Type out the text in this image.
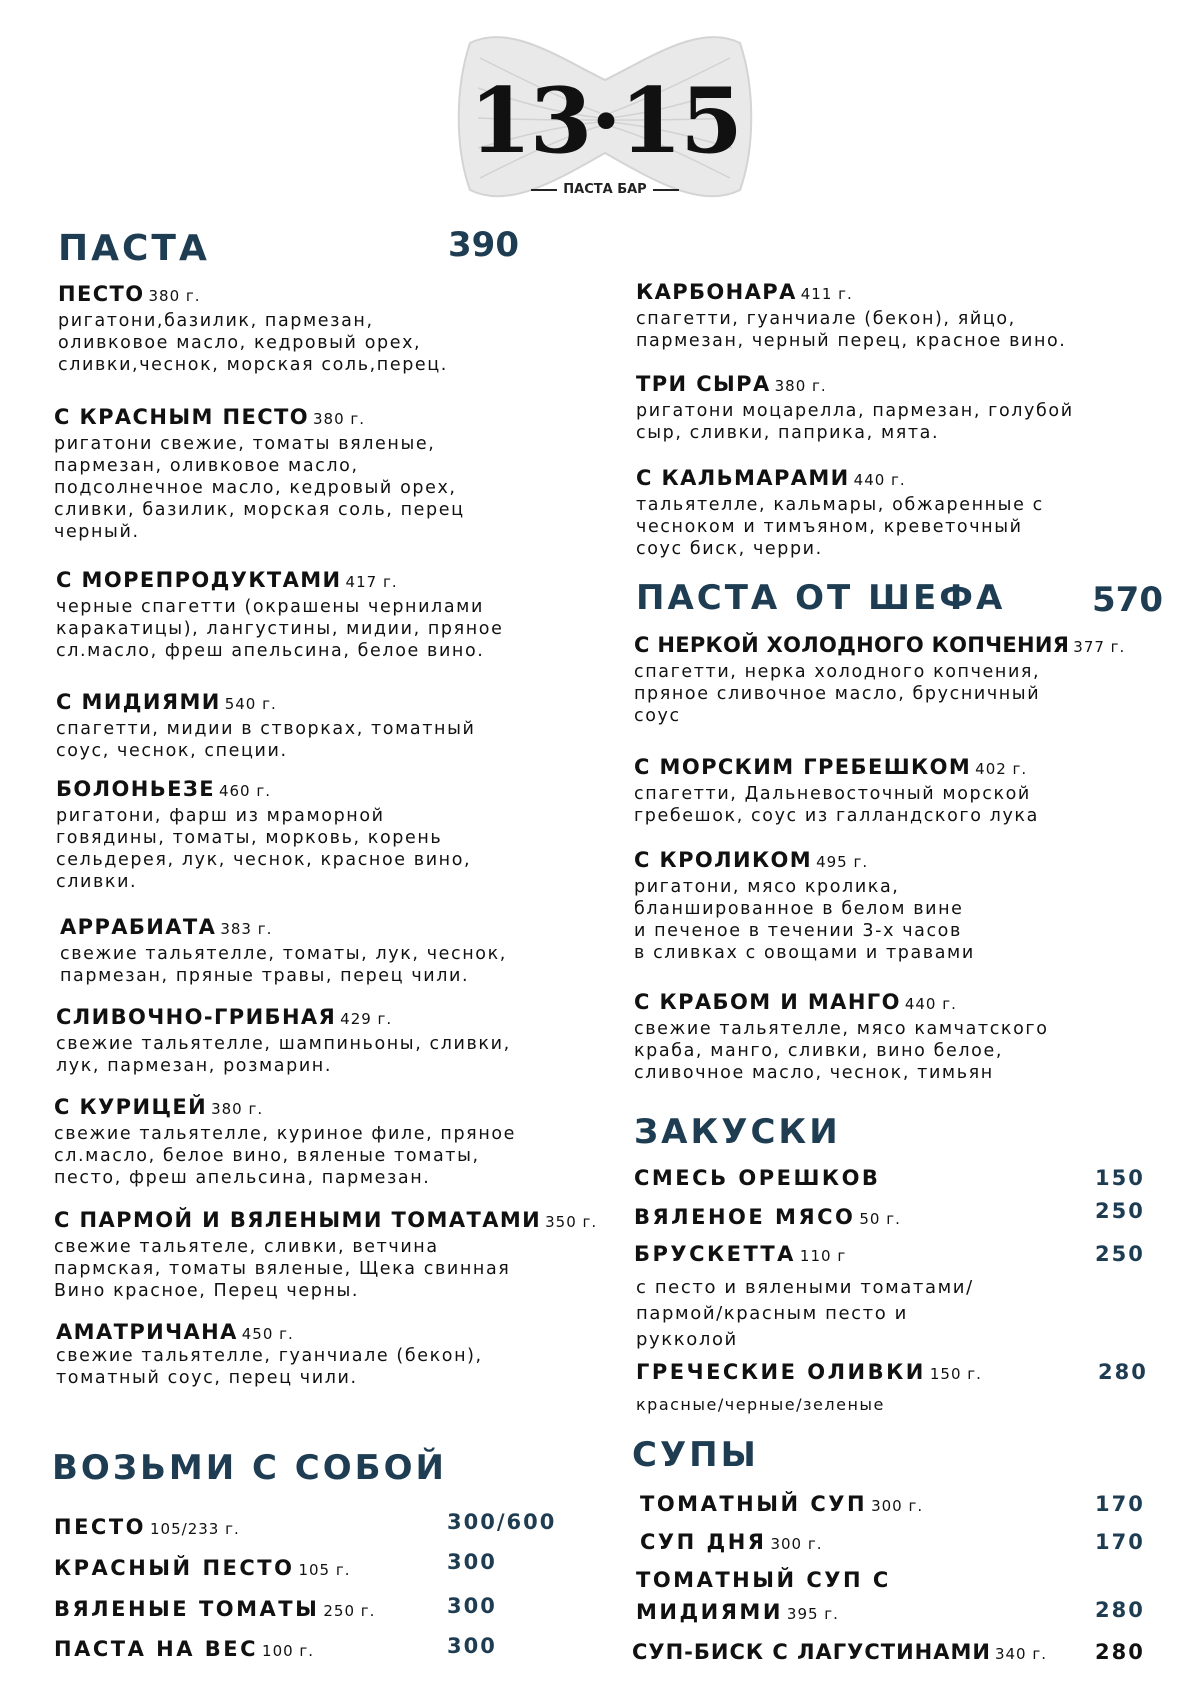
13·15
ПАСТА БАР
ПАСТА	390
ПЕСТО 380 г.
ригатони,базилик, пармезан,
оливковое масло, кедровый орех,
сливки,чеснок, морская соль,перец.
С КРАСНЫМ ПЕСТО 380 г.
ригатони свежие, томаты вяленые,
пармезан, оливковое масло,
подсолнечное масло, кедровый орех,
сливки, базилик, морская соль, перец
черный.
С МОРЕПРОДУКТАМИ 417 г.
черные спагетти (окрашены чернилами
каракатицы), лангустины, мидии, пряное
сл.масло, фреш апельсина, белое вино.
С МИДИЯМИ 540 г.
спагетти, мидии в створках, томатный
соус, чеснок, специи.
БОЛОНЬЕЗЕ 460 г.
ригатони, фарш из мраморной
говядины, томаты, морковь, корень
сельдерея, лук, чеснок, красное вино,
сливки.
АРРАБИАТА 383 г.
свежие тальятелле, томаты, лук, чеснок,
пармезан, пряные травы, перец чили.
СЛИВОЧНО-ГРИБНАЯ 429 г.
свежие тальятелле, шампиньоны, сливки,
лук, пармезан, розмарин.
С КУРИЦЕЙ 380 г.
свежие тальятелле, куриное филе, пряное
сл.масло, белое вино, вяленые томаты,
песто, фреш апельсина, пармезан.
С ПАРМОЙ И ВЯЛЕНЫМИ ТОМАТАМИ 350 г.
свежие тальятеле, сливки, ветчина
пармская, томаты вяленые, Щека свинная
Вино красное, Перец черны.
АМАТРИЧАНА 450 г.
свежие тальятелле, гуанчиале (бекон),
томатный соус, перец чили.
КАРБОНАРА 411 г.
спагетти, гуанчиале (бекон), яйцо,
пармезан, черный перец, красное вино.
ТРИ СЫРА 380 г.
ригатони моцарелла, пармезан, голубой
сыр, сливки, паприка, мята.
С КАЛЬМАРАМИ 440 г.
тальятелле, кальмары, обжаренные с
чесноком и тимъяном, креветочный
соус биск, черри.
ПАСТА ОТ ШЕФА	570
С НЕРКОЙ ХОЛОДНОГО КОПЧЕНИЯ 377 г.
спагетти, нерка холодного копчения,
пряное сливочное масло, брусничный
соус
С МОРСКИМ ГРЕБЕШКОМ 402 г.
спагетти, Дальневосточный морской
гребешок, соус из галландского лука
С КРОЛИКОМ 495 г.
ригатони, мясо кролика,
бланшированное в белом вине
и печеное в течении 3-х часов
в сливках с овощами и травами
С КРАБОМ И МАНГО 440 г.
свежие тальятелле, мясо камчатского
краба, манго, сливки, вино белое,
сливочное масло, чеснок, тимьян
ЗАКУСКИ
СМЕСЬ ОРЕШКОВ	150
ВЯЛЕНОЕ МЯСО 50 г.	250
БРУСКЕТТА 110 г	250
с песто и вялеными томатами/
пармой/красным песто и
рукколой
ГРЕЧЕСКИЕ ОЛИВКИ 150 г.	280
красные/черные/зеленые
СУПЫ
ТОМАТНЫЙ СУП 300 г.	170
СУП ДНЯ 300 г.	170
ТОМАТНЫЙ СУП С
МИДИЯМИ 395 г.	280
СУП-БИСК С ЛАГУСТИНАМИ 340 г. 280
ВОЗЬМИ С СОБОЙ
ПЕСТО 105/233 г.	300/600
КРАСНЫЙ ПЕСТО 105 г.	300
ВЯЛЕНЫЕ ТОМАТЫ 250 г.	300
ПАСТА НА ВЕС 100 г.	300
